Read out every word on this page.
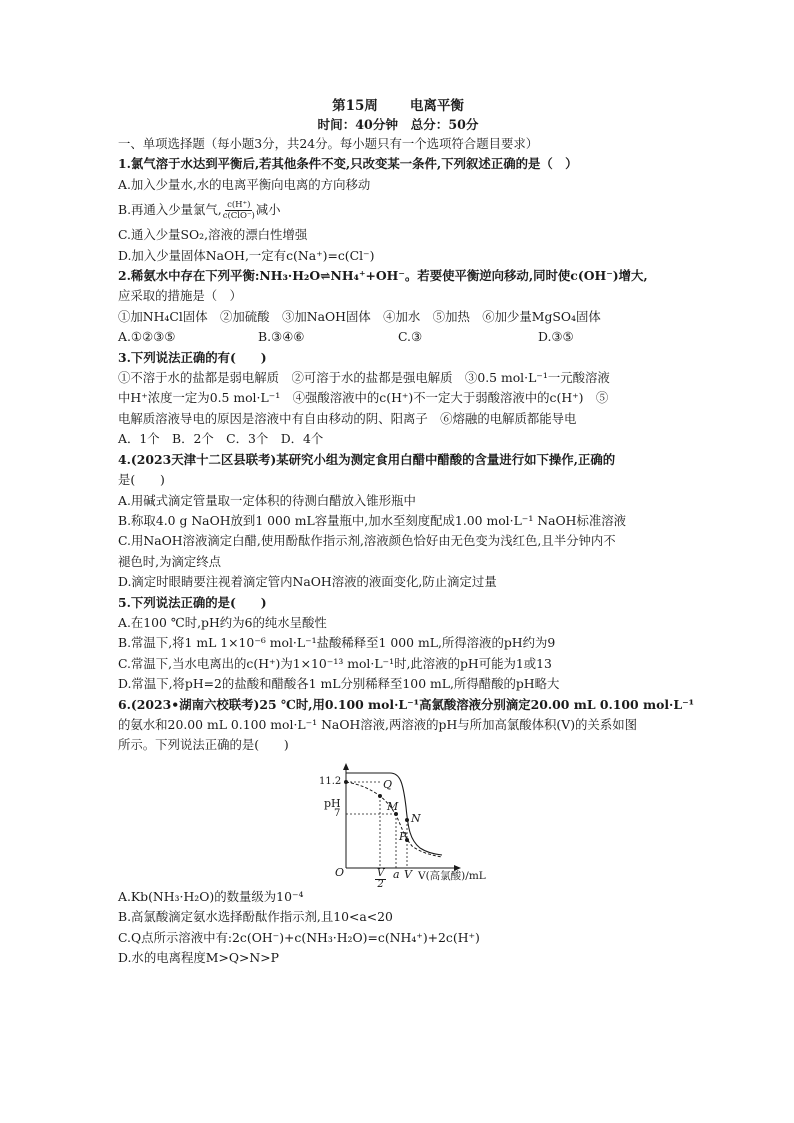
第15周 电离平衡
时间：40分钟　总分：50分
一、单项选择题（每小题3分，共24分。每小题只有一个选项符合题目要求）
1.氯气溶于水达到平衡后,若其他条件不变,只改变某一条件,下列叙述正确的是（　）
A.加入少量水,水的电离平衡向电离的方向移动
B.再通入少量氯气, $\frac{c(H^+)}{\text{c(ClO⁻)}}$ 减小
C.通入少量SO₂,溶液的漂白性增强
D.加入少量固体NaOH,一定有c(Na⁺)=c(Cl⁻)
2.稀氨水中存在下列平衡:NH₃·H₂O⇌NH₄⁺+OH⁻。若要使平衡逆向移动,同时使c(OH⁻)增大,
应采取的措施是（　）
①加NH₄Cl固体　②加硫酸　③加NaOH固体　④加水　⑤加热　⑥加少量MgSO₄固体
A.①②③⑤	B.③④⑥	C.③	D.③⑤
3.下列说法正确的有(　　)
①不溶于水的盐都是弱电解质　②可溶于水的盐都是强电解质　③0.5 mol·L⁻¹一元酸溶液
中H⁺浓度一定为0.5 mol·L⁻¹　④强酸溶液中的c(H⁺)不一定大于弱酸溶液中的c(H⁺)　⑤
电解质溶液导电的原因是溶液中有自由移动的阴、阳离子　⑥熔融的电解质都能导电
A．1个　B．2个　C．3个　D．4个
4.(2023天津十二区县联考)某研究小组为测定食用白醋中醋酸的含量进行如下操作,正确的
是(　　)
A.用碱式滴定管量取一定体积的待测白醋放入锥形瓶中
B.称取4.0 g NaOH放到1 000 mL容量瓶中,加水至刻度配成1.00 mol·L⁻¹ NaOH标准溶液
C.用NaOH溶液滴定白醋,使用酚酞作指示剂,溶液颜色恰好由无色变为浅红色,且半分钟内不
褪色时,为滴定终点
D.滴定时眼睛要注视着滴定管内NaOH溶液的液面变化,防止滴定过量
5.下列说法正确的是(　　)
A.在100 ℃时,pH约为6的纯水呈酸性
B.常温下,将1 mL 1×10⁻⁶ mol·L⁻¹盐酸稀释至1 000 mL,所得溶液的pH约为9
C.常温下,当水电离出的c(H⁺)为1×10⁻¹³ mol·L⁻¹时,此溶液的pH可能为1或13
D.常温下,将pH=2的盐酸和醋酸各1 mL分别稀释至100 mL,所得醋酸的pH略大
6.(2023•湖南六校联考)25 ℃时,用0.100 mol·L⁻¹高氯酸溶液分别滴定20.00 mL 0.100 mol·L⁻¹
的氨水和20.00 mL 0.100 mol·L⁻¹ NaOH溶液,两溶液的pH与所加高氯酸体积(V)的关系如图
所示。下列说法正确的是(　　)
pH
11.2
7
O
Q
M
N
P
$\frac{V}{2}$ a V V(高氯酸)/mL
A.Kb(NH₃·H₂O)的数量级为10⁻⁴
B.高氯酸滴定氨水选择酚酞作指示剂,且10<a<20
C.Q点所示溶液中有:2c(OH⁻)+c(NH₃·H₂O)=c(NH₄⁺)+2c(H⁺)
D.水的电离程度M>Q>N>P
